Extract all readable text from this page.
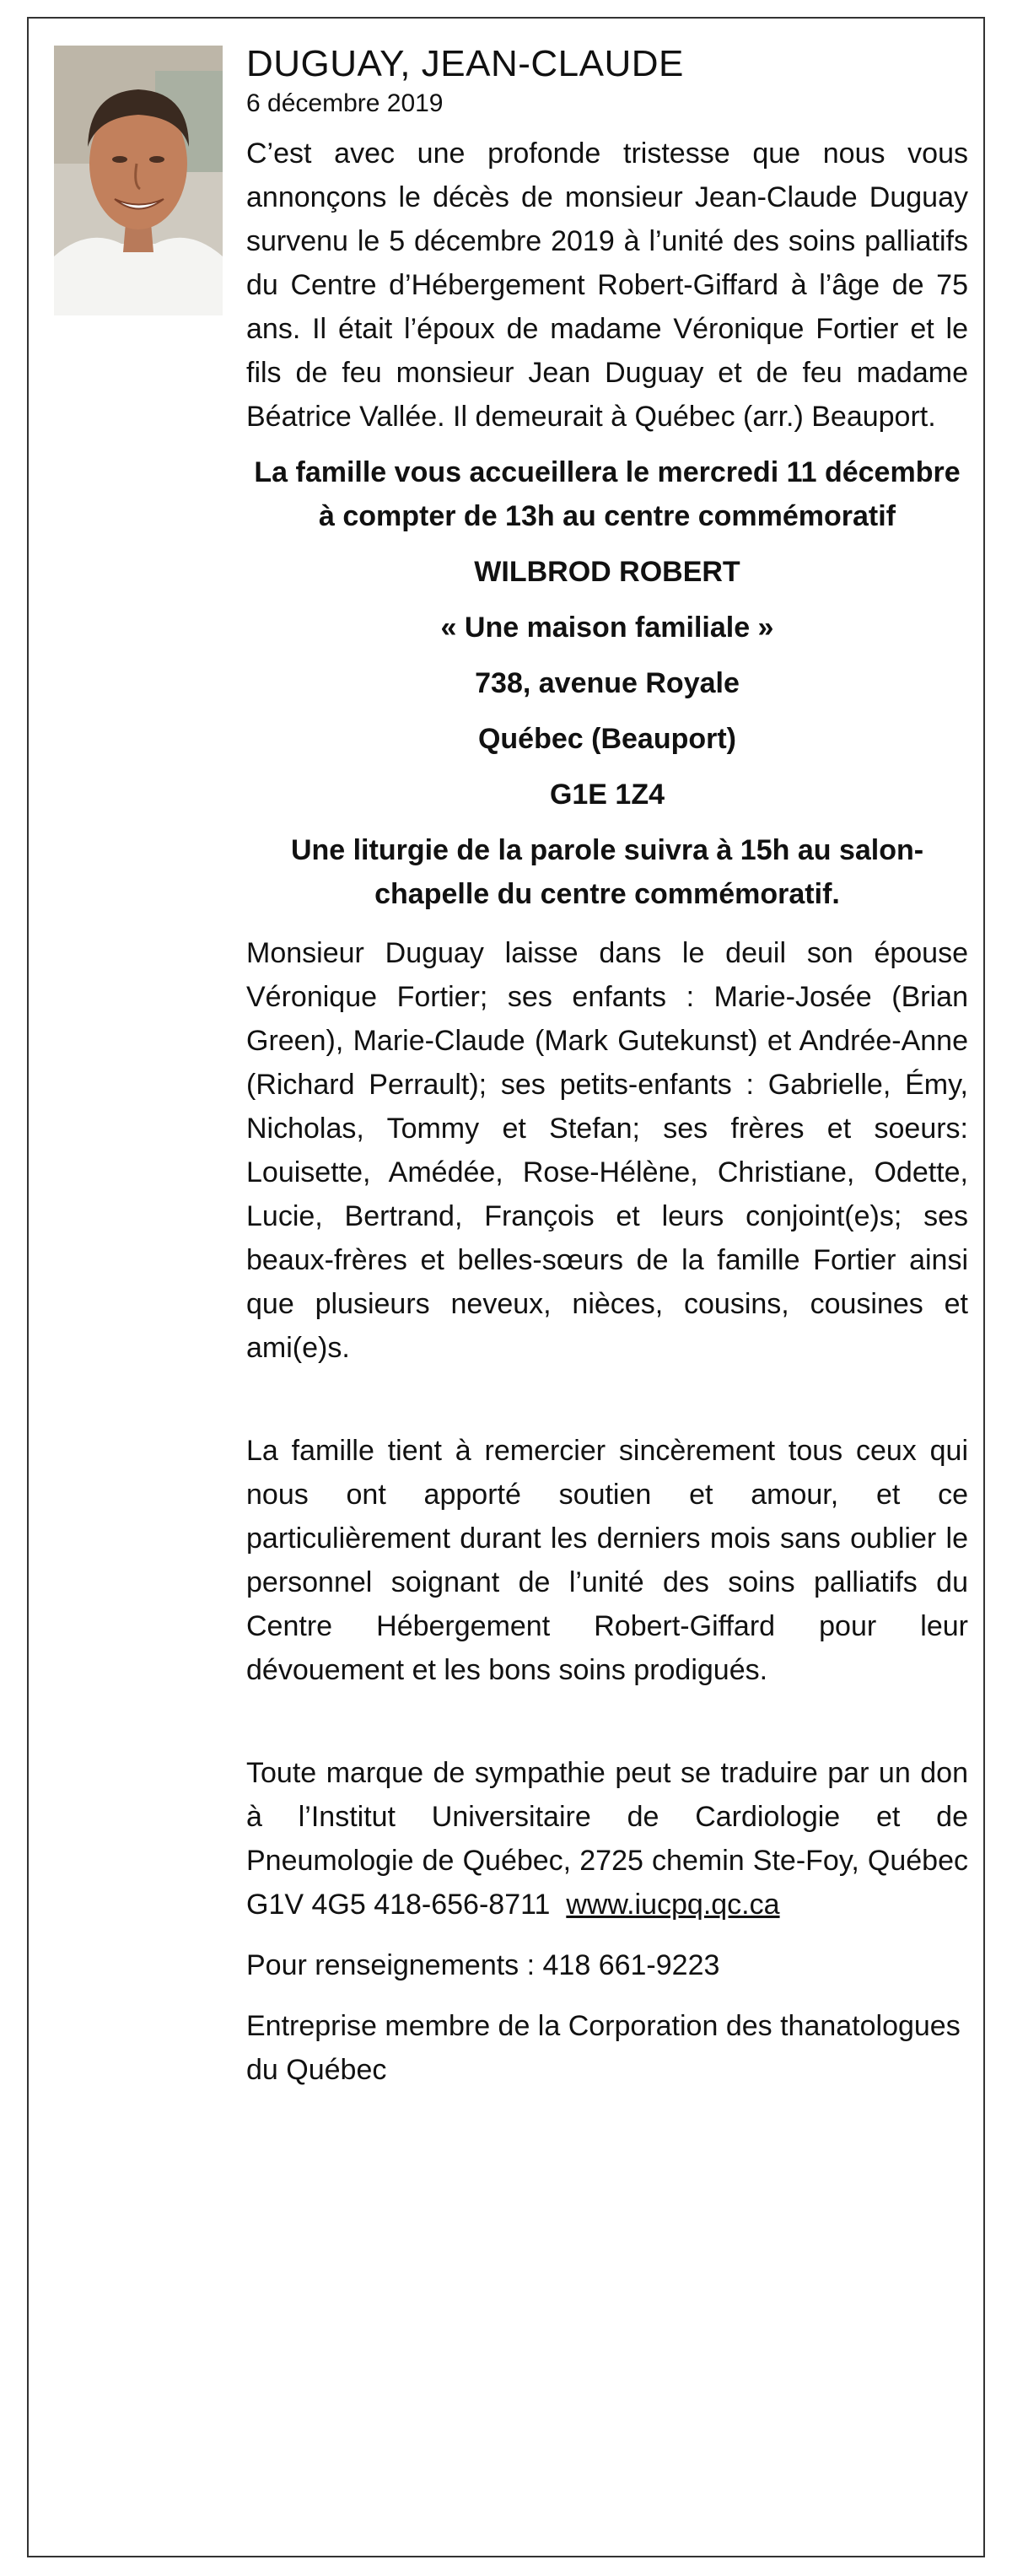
DUGUAY, JEAN-CLAUDE

6 décembre 2019

C’est avec une profonde tristesse que nous vous annonçons le décès de monsieur Jean-Claude Duguay survenu le 5 décembre 2019 à l’unité des soins palliatifs du Centre d’Hébergement Robert-Giffard à l’âge de 75 ans. Il était l’époux de madame Véronique Fortier et le fils de feu monsieur Jean Duguay et de feu madame Béatrice Vallée. Il demeurait à Québec (arr.) Beauport.

La famille vous accueillera le mercredi 11 décembre à compter de 13h au centre commémoratif

WILBROD ROBERT

« Une maison familiale »

738, avenue Royale

Québec (Beauport)

G1E 1Z4

Une liturgie de la parole suivra à 15h au salon-chapelle du centre commémoratif.

Monsieur Duguay laisse dans le deuil son épouse Véronique Fortier; ses enfants : Marie-Josée (Brian Green), Marie-Claude (Mark Gutekunst) et Andrée-Anne (Richard Perrault); ses petits-enfants : Gabrielle, Émy, Nicholas, Tommy et Stefan; ses frères et soeurs: Louisette, Amédée, Rose-Hélène, Christiane, Odette, Lucie, Bertrand, François et leurs conjoint(e)s; ses beaux-frères et belles-sœurs de la famille Fortier ainsi que plusieurs neveux, nièces, cousins, cousines et ami(e)s.

La famille tient à remercier sincèrement tous ceux qui nous ont apporté soutien et amour, et ce particulièrement durant les derniers mois sans oublier le personnel soignant de l’unité des soins palliatifs du Centre Hébergement Robert-Giffard pour leur dévouement et les bons soins prodigués.

Toute marque de sympathie peut se traduire par un don à l’Institut Universitaire de Cardiologie et de Pneumologie de Québec, 2725 chemin Ste-Foy, Québec G1V 4G5 418-656-8711 www.iucpq.qc.ca

Pour renseignements : 418 661-9223

Entreprise membre de la Corporation des thanatologues du Québec
